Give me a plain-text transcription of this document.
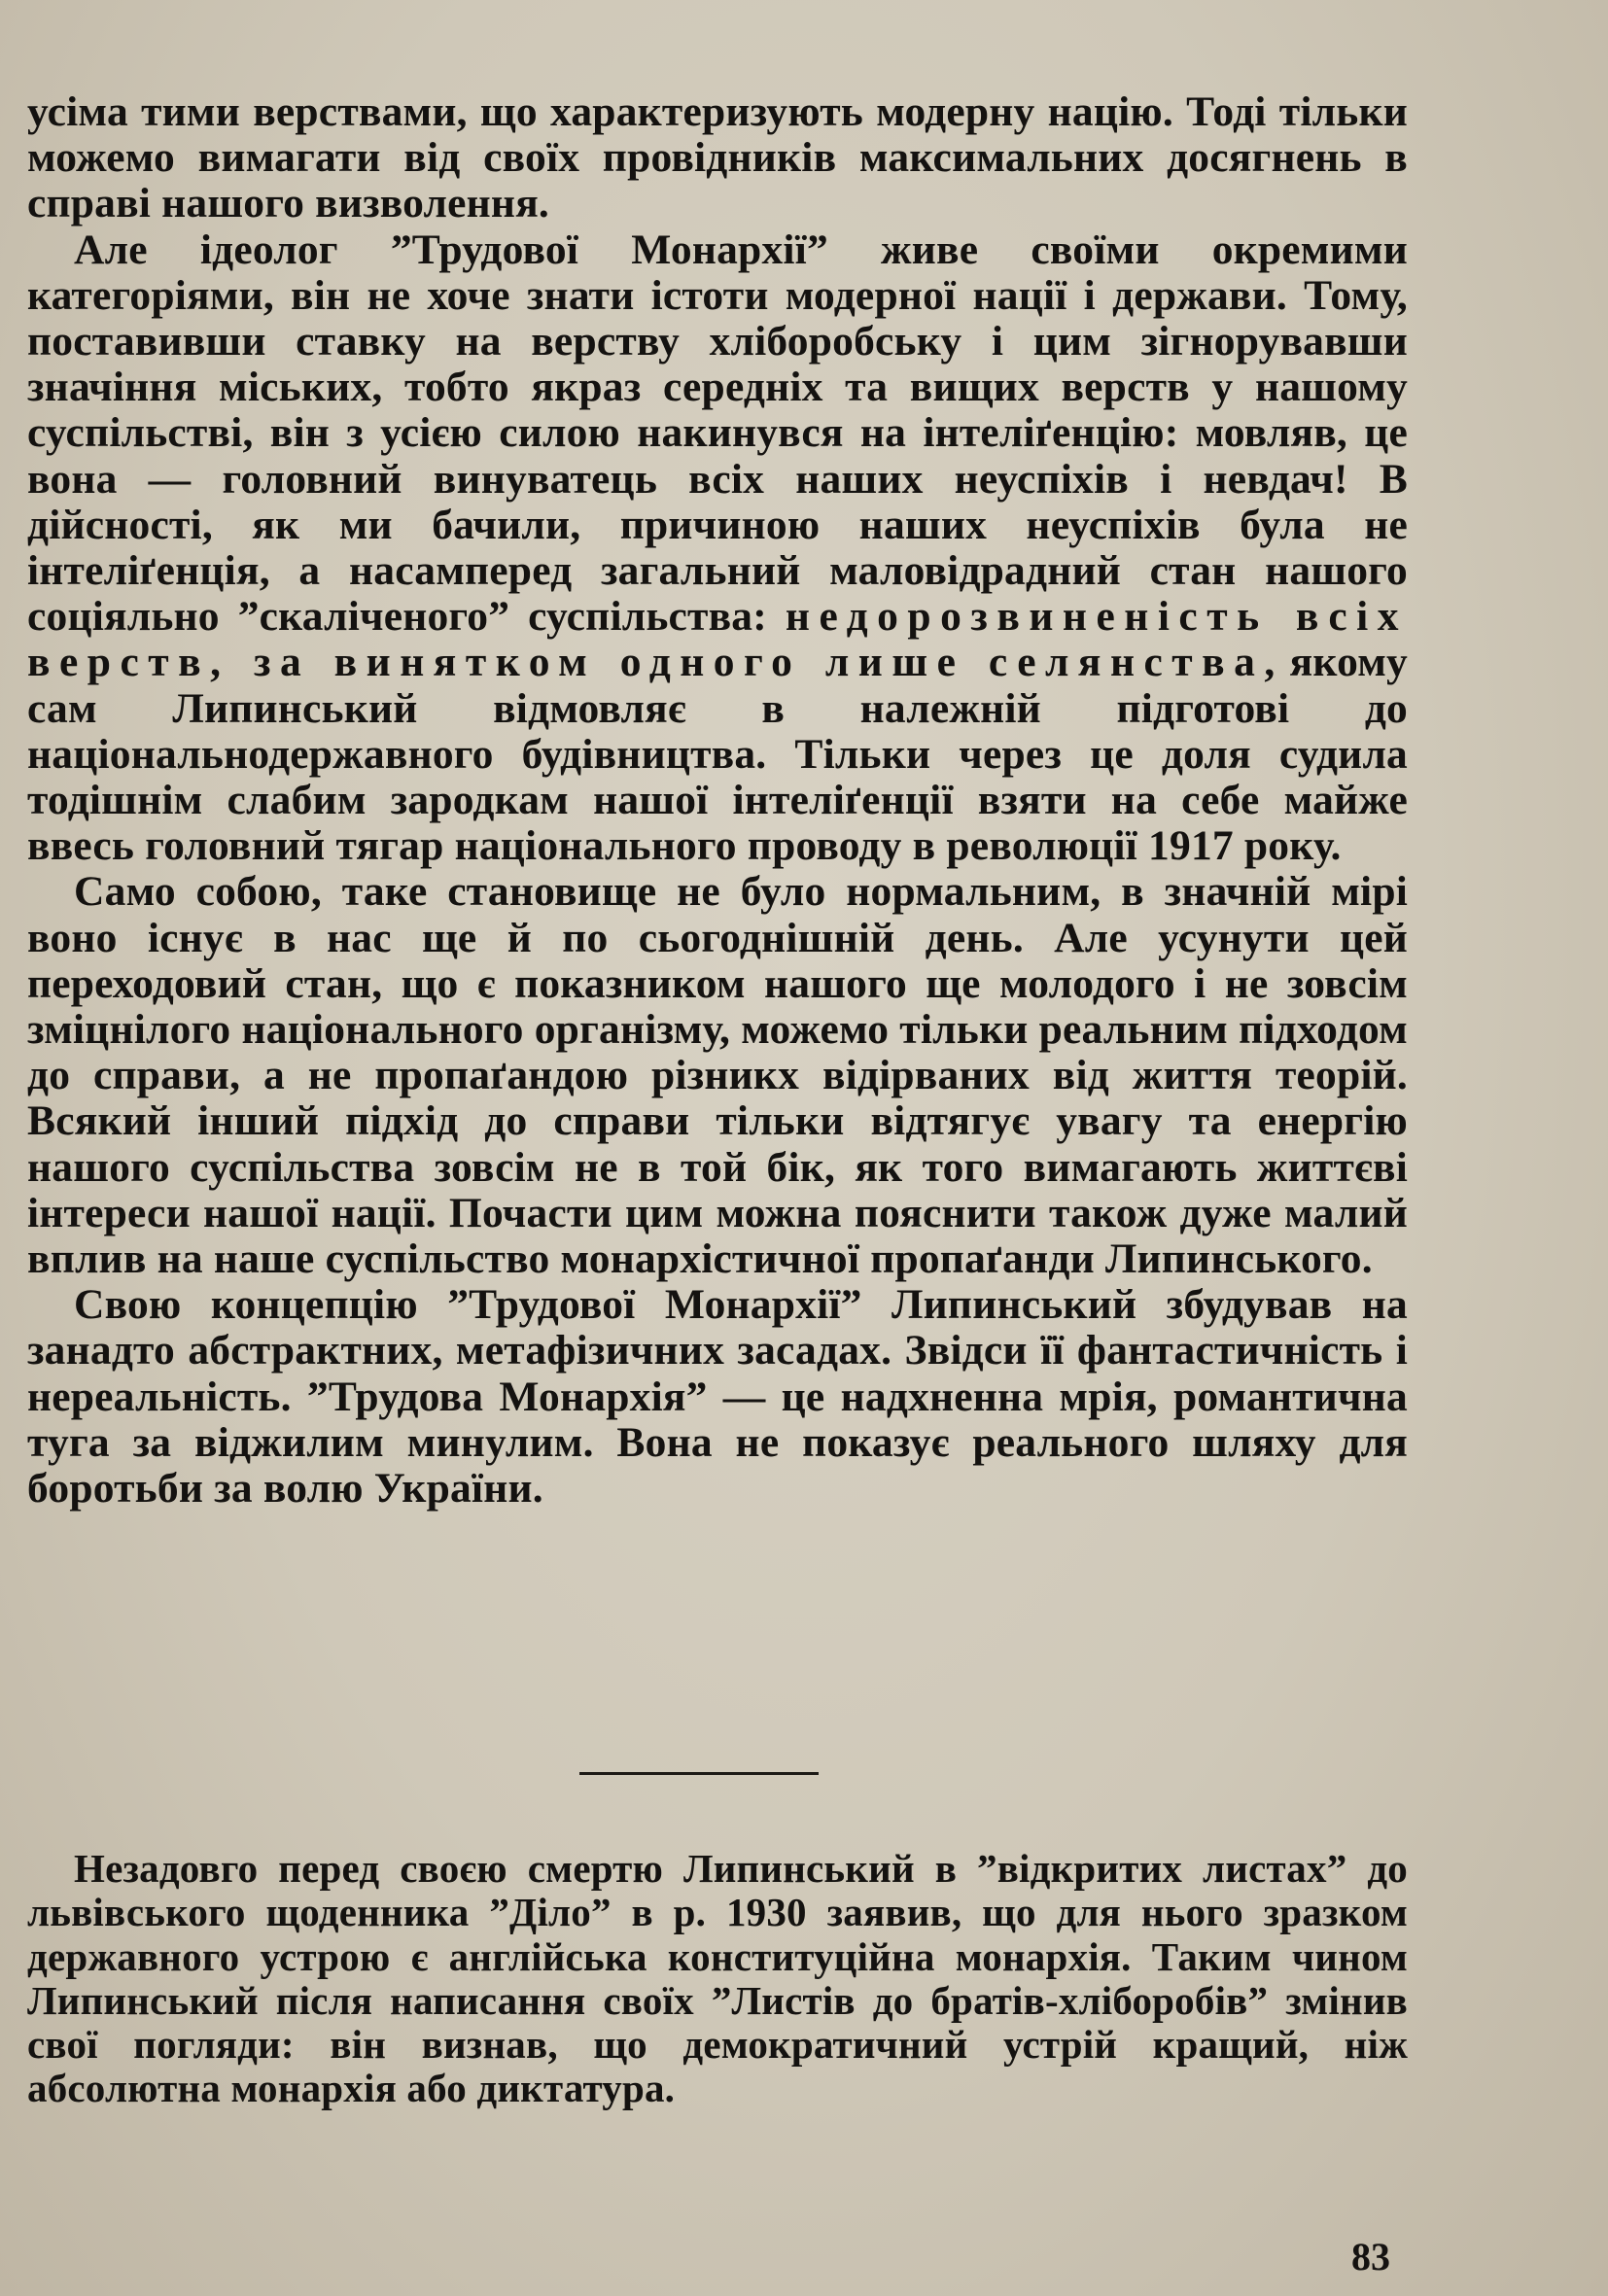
усіма тими верствами, що характеризують модерну націю. Тоді тільки можемо вимагати від своїх провідників максимальних досягнень в справі нашого визволення.

Але ідеолог ”Трудової Монархії” живе своїми окремими категоріями, він не хоче знати істоти модерної нації і держави. Тому, поставивши ставку на верству хліборобську і цим зігнорувавши значіння міських, тобто якраз середніх та вищих верств у нашому суспільстві, він з усією силою накинувся на інтеліґенцію: мовляв, це вона — головний винуватець всіх наших неуспіхів і невдач! В дійсності, як ми бачили, причиною наших неуспіхів була не інтеліґенція, а насамперед загальний маловідрадний стан нашого соціяльно ”скаліченого” суспільства: недорозвиненість всіх верств, за винятком одного лише селянства, якому сам Липинський відмовляє в належній підготові до національнодержавного будівництва. Тільки через це доля судила тодішнім слабим зародкам нашої інтеліґенції взяти на себе майже ввесь головний тягар національного проводу в революції 1917 року.

Само собою, таке становище не було нормальним, в значній мірі воно існує в нас ще й по сьогоднішній день. Але усунути цей переходовий стан, що є показником нашого ще молодого і не зовсім зміцнілого національного організму, можемо тільки реальним підходом до справи, а не пропаґандою різникх відірваних від життя теорій. Всякий інший підхід до справи тільки відтягує увагу та енергію нашого суспільства зовсім не в той бік, як того вимагають життєві інтереси нашої нації. Почасти цим можна пояснити також дуже малий вплив на наше суспільство монархістичної пропаґанди Липинського.

Свою концепцію ”Трудової Монархії” Липинський збудував на занадто абстрактних, метафізичних засадах. Звідси її фантастичність і нереальність. ”Трудова Монархія” — це надхненна мрія, романтична туга за віджилим минулим. Вона не показує реального шляху для боротьби за волю України.

Незадовго перед своєю смертю Липинський в ”відкритих листах” до львівського щоденника ”Діло” в р. 1930 заявив, що для нього зразком державного устрою є англійська конституційна монархія. Таким чином Липинський після написання своїх ”Листів до братів-хліборобів” змінив свої погляди: він визнав, що демократичний устрій кращий, ніж абсолютна монархія або диктатура.

83
